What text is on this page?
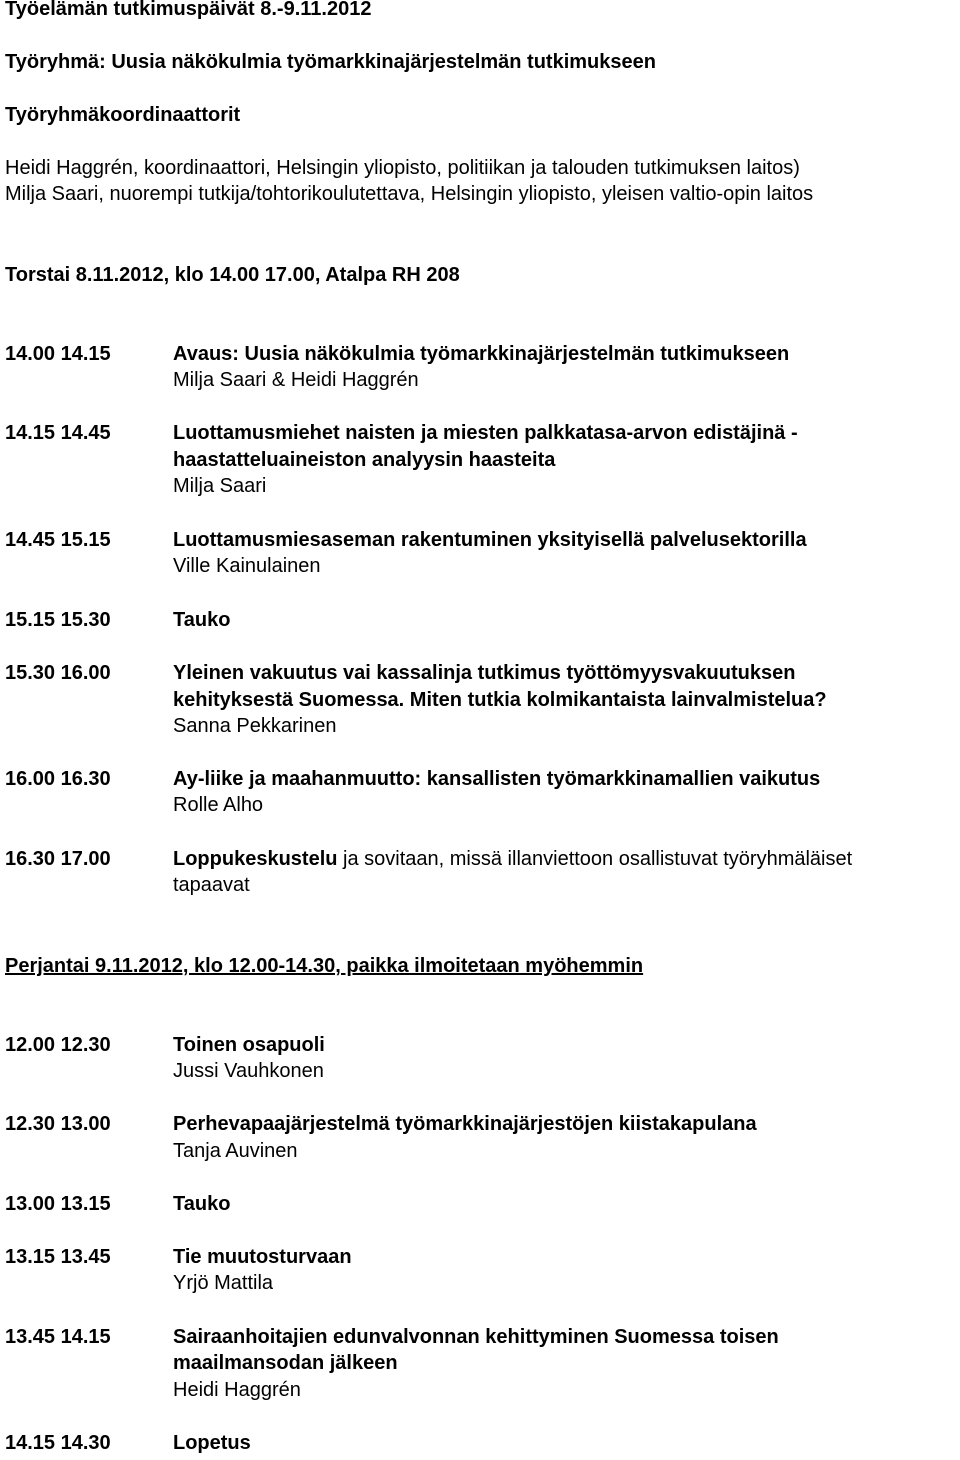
Työelämän tutkimuspäivät 8.-9.11.2012
Työryhmä: Uusia näkökulmia työmarkkinajärjestelmän tutkimukseen
Työryhmäkoordinaattorit
Heidi Haggrén, koordinaattori, Helsingin yliopisto, politiikan ja talouden tutkimuksen laitos)
Milja Saari, nuorempi tutkija/tohtorikoulutettava, Helsingin yliopisto, yleisen valtio-opin laitos
Torstai 8.11.2012, klo 14.00 17.00, Atalpa RH 208
14.00 14.15	Avaus: Uusia näkökulmia työmarkkinajärjestelmän tutkimukseen
Milja Saari & Heidi Haggrén
14.15 14.45	Luottamusmiehet naisten ja miesten palkkatasa-arvon edistäjinä -
haastatteluaineiston analyysin haasteita
Milja Saari
14.45 15.15	Luottamusmiesaseman rakentuminen yksityisellä palvelusektorilla
Ville Kainulainen
15.15 15.30	Tauko
15.30 16.00	Yleinen vakuutus vai kassalinja tutkimus työttömyysvakuutuksen
kehityksestä Suomessa. Miten tutkia kolmikantaista lainvalmistelua?
Sanna Pekkarinen
16.00 16.30	Ay-liike ja maahanmuutto: kansallisten työmarkkinamallien vaikutus
Rolle Alho
16.30 17.00	Loppukeskustelu ja sovitaan, missä illanviettoon osallistuvat työryhmäläiset
tapaavat
Perjantai 9.11.2012, klo 12.00-14.30, paikka ilmoitetaan myöhemmin
12.00 12.30	Toinen osapuoli
Jussi Vauhkonen
12.30 13.00	Perhevapaajärjestelmä työmarkkinajärjestöjen kiistakapulana
Tanja Auvinen
13.00 13.15	Tauko
13.15 13.45	Tie muutosturvaan
Yrjö Mattila
13.45 14.15	Sairaanhoitajien edunvalvonnan kehittyminen Suomessa toisen
maailmansodan jälkeen
Heidi Haggrén
14.15 14.30	Lopetus
